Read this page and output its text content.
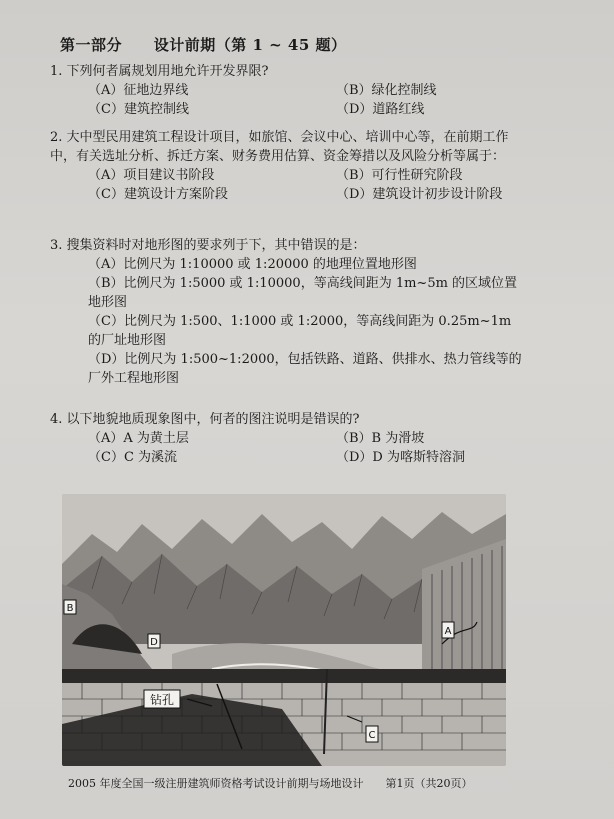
第一部分 设计前期（第 1 ~ 45 题）
1. 下列何者属规划用地允许开发界限?
（A）征地边界线	（B）绿化控制线
（C）建筑控制线	（D）道路红线
2. 大中型民用建筑工程设计项目，如旅馆、会议中心、培训中心等，在前期工作中，有关选址分析、拆迁方案、财务费用估算、资金筹措以及风险分析等属于：
（A）项目建议书阶段	（B）可行性研究阶段
（C）建筑设计方案阶段	（D）建筑设计初步设计阶段
3. 搜集资料时对地形图的要求列于下，其中错误的是：
（A）比例尺为 1:10000 或 1:20000 的地理位置地形图
（B）比例尺为 1:5000 或 1:10000，等高线间距为 1m~5m 的区域位置地形图
（C）比例尺为 1:500、1:1000 或 1:2000，等高线间距为 0.25m~1m 的厂址地形图
（D）比例尺为 1:500~1:2000，包括铁路、道路、供排水、热力管线等的厂外工程地形图
4. 以下地貌地质现象图中，何者的图注说明是错误的?
（A）A 为黄土层	（B）B 为滑坡
（C）C 为溪流	（D）D 为喀斯特溶洞
B
D
A
C
钻孔
2005 年度全国一级注册建筑师资格考试设计前期与场地设计　　第1页（共20页）
